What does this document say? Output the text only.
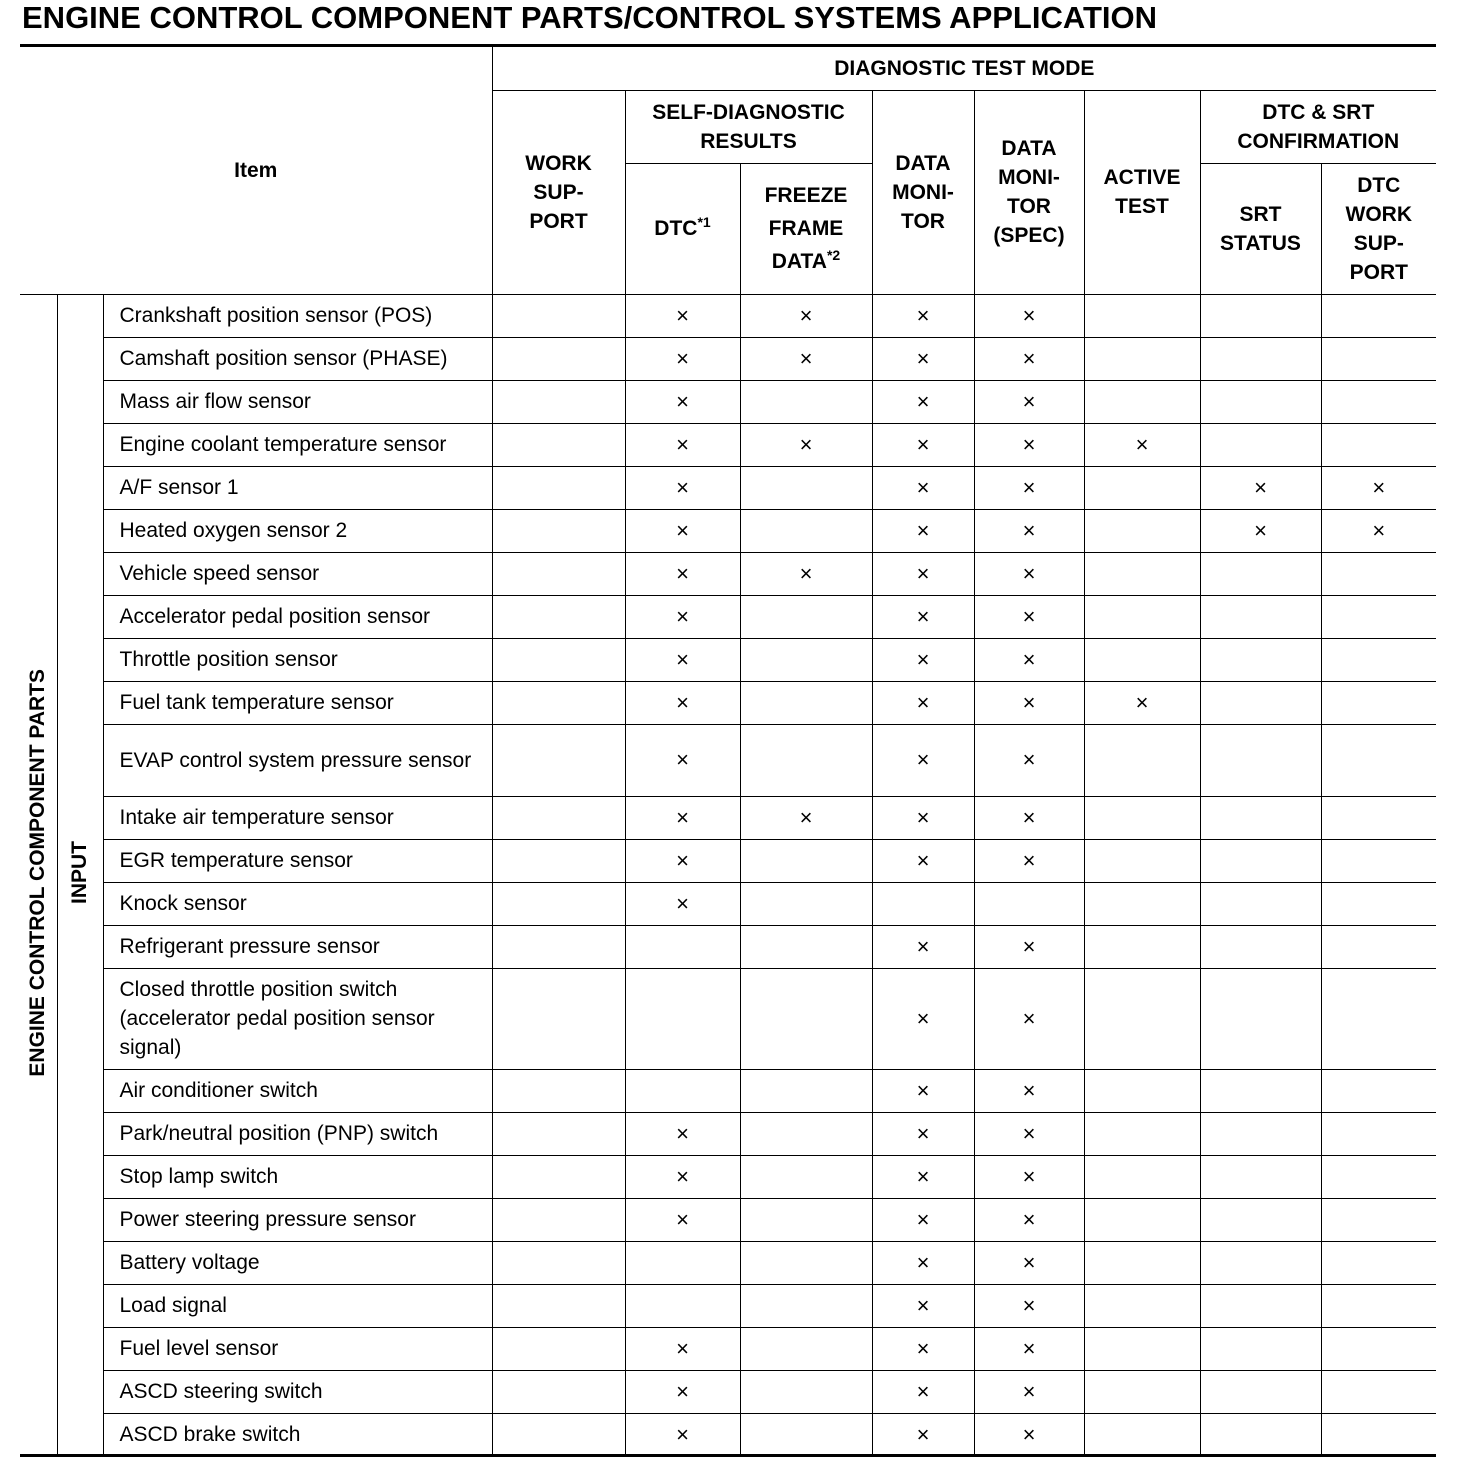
ENGINE CONTROL COMPONENT PARTS/CONTROL SYSTEMS APPLICATION
Item			DIAGNOSTIC TEST MODE							

			WORK SUP-PORT	SELF-DIAGNOSTIC RESULTS		DATA MONI-TOR	DATA MONI-TOR (SPEC)	ACTIVE TEST	DTC & SRT CONFIRMATION	

				DTC$^{*1}$	FREEZE FRAME DATA$^{*2}$				SRT STATUS	DTC WORK SUP-PORT

ENGINE CONTROL COMPONENT PARTS	INPUT	Crankshaft position sensor (POS)		×	×	×	×			
		Camshaft position sensor (PHASE)		×	×	×	×			
		Mass air flow sensor		×		×	×			
		Engine coolant temperature sensor		×	×	×	×	×		
		A/F sensor 1		×		×	×		×	×
		Heated oxygen sensor 2		×		×	×		×	×
		Vehicle speed sensor		×	×	×	×			
		Accelerator pedal position sensor		×		×	×			
		Throttle position sensor		×		×	×			
		Fuel tank temperature sensor		×		×	×	×		
		EVAP control system pressure sensor		×		×	×			
		Intake air temperature sensor		×	×	×	×			
		EGR temperature sensor		×		×	×			
		Knock sensor		×						
		Refrigerant pressure sensor				×	×			
		Closed throttle position switch (accelerator pedal position sensor signal)				×	×			
		Air conditioner switch				×	×			
		Park/neutral position (PNP) switch		×		×	×			
		Stop lamp switch		×		×	×			
		Power steering pressure sensor		×		×	×			
		Battery voltage				×	×			
		Load signal				×	×			
		Fuel level sensor		×		×	×			
		ASCD steering switch		×		×	×			
		ASCD brake switch		×		×	×			
